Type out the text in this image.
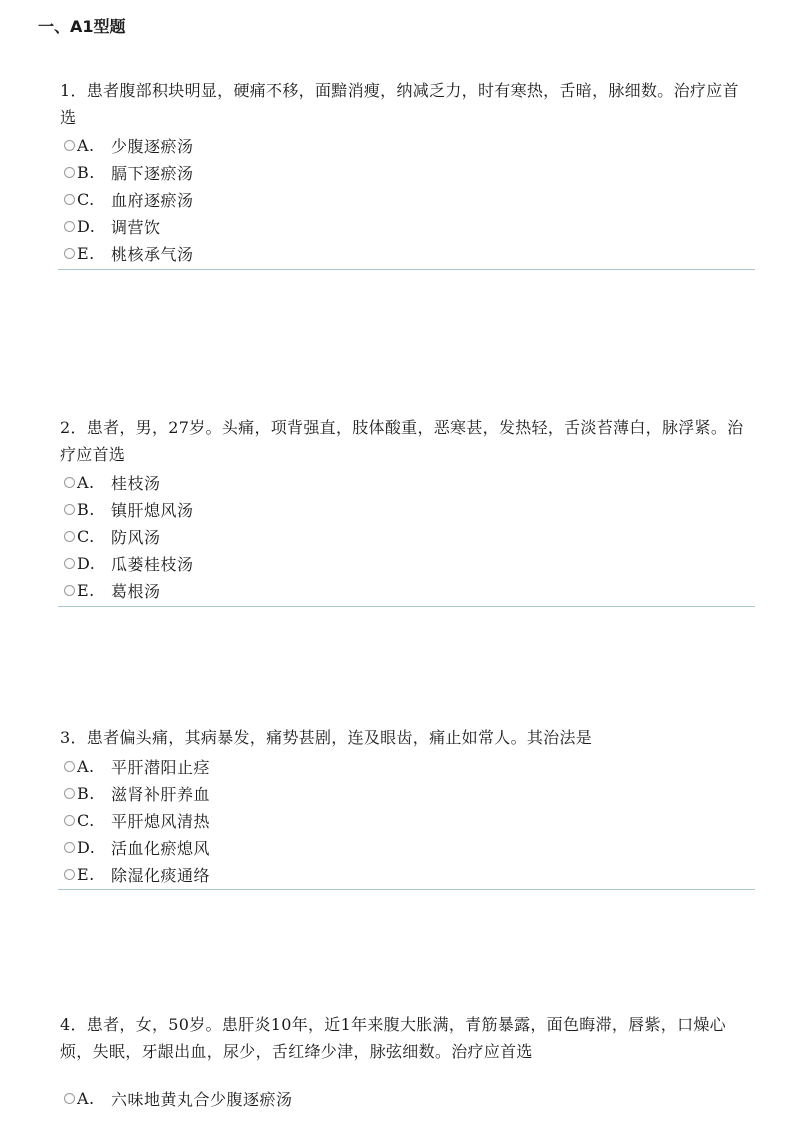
一、A1型题

1．患者腹部积块明显，硬痛不移，面黯消瘦，纳减乏力，时有寒热，舌暗，脉细数。治疗应首选

A.	少腹逐瘀汤
B.	膈下逐瘀汤
C.	血府逐瘀汤
D. 调营饮
E.	桃核承气汤

2．患者，男，27岁。头痛，项背强直，肢体酸重，恶寒甚，发热轻，舌淡苔薄白，脉浮紧。治疗应首选

A.	桂枝汤
B.	镇肝熄风汤
C.	防风汤
D. 瓜蒌桂枝汤
E.	葛根汤

3．患者偏头痛，其病暴发，痛势甚剧，连及眼齿，痛止如常人。其治法是

A.	平肝潜阳止痉
B.	滋肾补肝养血
C.	平肝熄风清热
D. 活血化瘀熄风
E.	除湿化痰通络

4．患者，女，50岁。患肝炎10年，近1年来腹大胀满，青筋暴露，面色晦滞，唇紫，口燥心烦，失眠，牙龈出血，尿少，舌红绛少津，脉弦细数。治疗应首选

A.	六味地黄丸合少腹逐瘀汤
